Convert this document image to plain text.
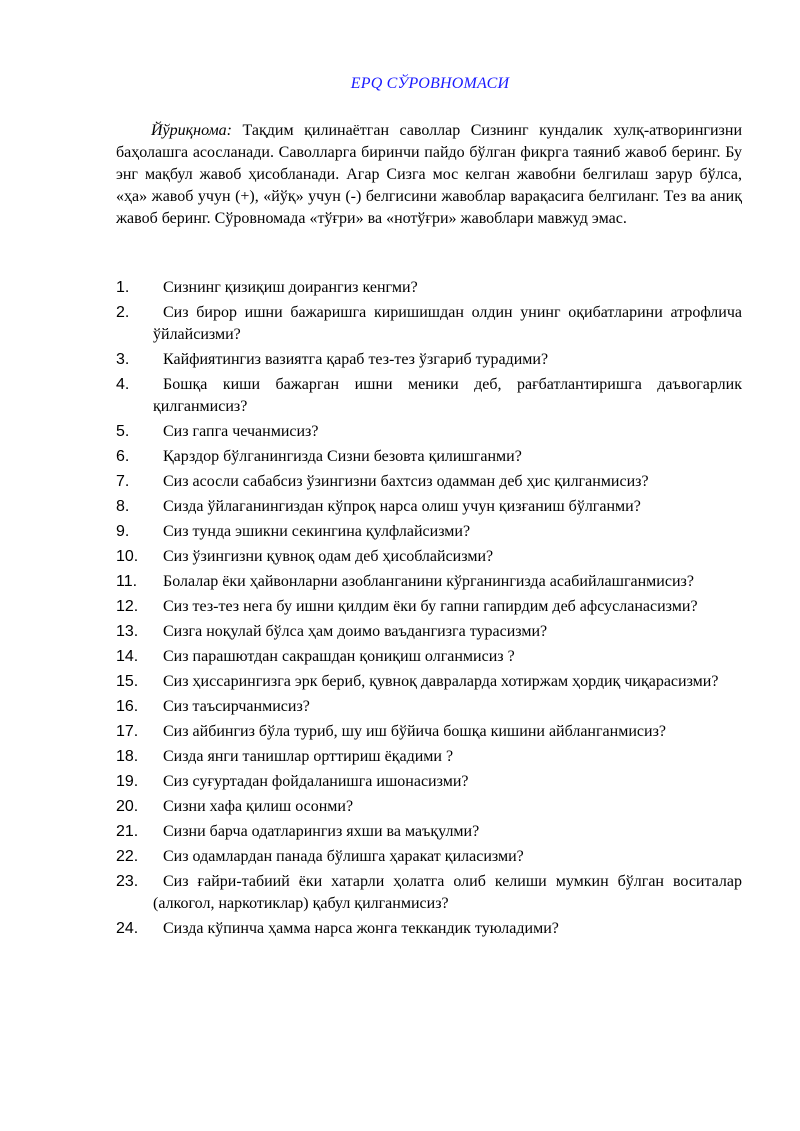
EPQ СЎРОВНОМАСИ

Йўриқнома: Тақдим қилинаётган саволлар Сизнинг кундалик хулқ-атворингизни баҳолашга асосланади. Саволларга биринчи пайдо бўлган фикрга таяниб жавоб беринг. Бу энг мақбул жавоб ҳисобланади. Агар Сизга мос келган жавобни белгилаш зарур бўлса, «ҳа» жавоб учун (+), «йўқ» учун (-) белгисини жавоблар варақасига белгиланг. Тез ва аниқ жавоб беринг. Сўровномада «тўғри» ва «нотўғри» жавоблари мавжуд эмас.

1.	Сизнинг қизиқиш доирангиз кенгми?
2.	Сиз бирор ишни бажаришга киришишдан олдин унинг оқибатларини атрофлича ўйлайсизми?
3.	Кайфиятингиз вазиятга қараб тез-тез ўзгариб турадими?
4.	Бошқа киши бажарган ишни меники деб, рағбатлантиришга даъвогарлик қилганмисиз?
5.	Сиз гапга чечанмисиз?
6.	Қарздор бўлганингизда Сизни безовта қилишганми?
7.	Сиз асосли сабабсиз ўзингизни бахтсиз одамман деб ҳис қилганмисиз?
8.	Сизда ўйлаганингиздан кўпроқ нарса олиш учун қизғаниш бўлганми?
9.	Сиз тунда эшикни секингина қулфлайсизми?
10.	Сиз ўзингизни қувноқ одам деб ҳисоблайсизми?
11.	Болалар ёки ҳайвонларни азобланганини кўрганингизда асабийлашганмисиз?
12.	Сиз тез-тез нега бу ишни қилдим ёки бу гапни гапирдим деб афсусланасизми?
13.	Сизга ноқулай бўлса ҳам доимо ваъдангизга турасизми?
14.	Сиз парашютдан сакрашдан қониқиш олганмисиз ?
15.	Сиз ҳиссарингизга эрк бериб, қувноқ давраларда хотиржам ҳордиқ чиқарасизми?
16.	Сиз таъсирчанмисиз?
17.	Сиз айбингиз бўла туриб, шу иш бўйича бошқа кишини айбланганмисиз?
18.	Сизда янги танишлар орттириш ёқадими ?
19.	Сиз суғуртадан фойдаланишга ишонасизми?
20.	Сизни хафа қилиш осонми?
21.	Сизни барча одатларингиз яхши ва маъқулми?
22.	Сиз одамлардан панада бўлишга ҳаракат қиласизми?
23.	Сиз ғайри-табиий ёки хатарли ҳолатга олиб келиши мумкин бўлган воситалар (алкогол, наркотиклар) қабул қилганмисиз?
24.	Сизда кўпинча ҳамма нарса жонга теккандик туюладими?
